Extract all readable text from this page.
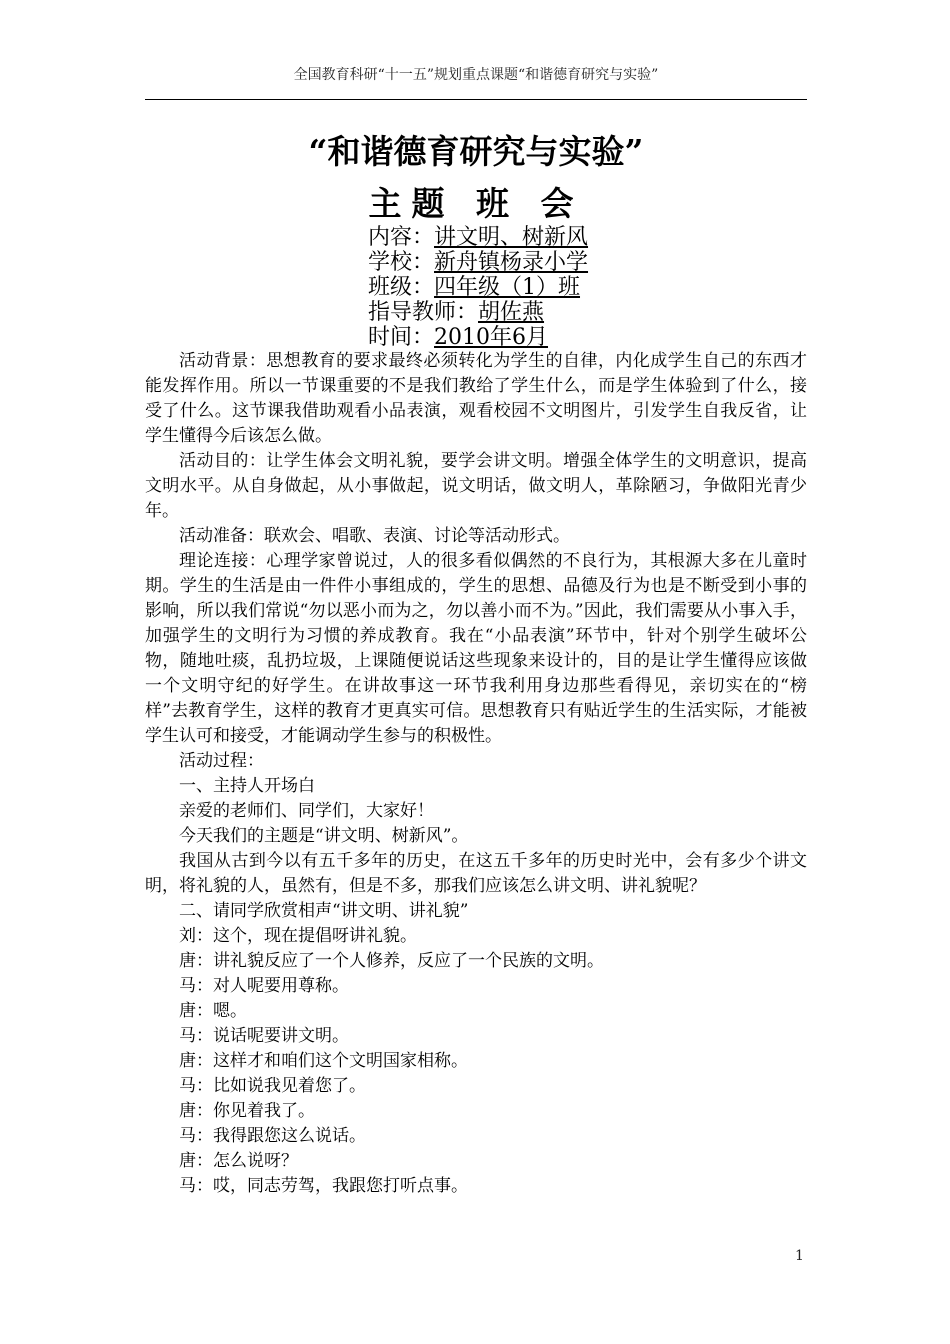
全国教育科研“十一五”规划重点课题“和谐德育研究与实验”
“和谐德育研究与实验”
主题 班 会
内容：讲文明、树新风
学校：新舟镇杨录小学
班级：四年级（1）班
指导教师：胡佐燕
时间：2010年6月

活动背景：思想教育的要求最终必须转化为学生的自律，内化成学生自己的东西才能发挥作用。所以一节课重要的不是我们教给了学生什么，而是学生体验到了什么，接受了什么。这节课我借助观看小品表演，观看校园不文明图片，引发学生自我反省，让学生懂得今后该怎么做。

活动目的：让学生体会文明礼貌，要学会讲文明。增强全体学生的文明意识，提高文明水平。从自身做起，从小事做起，说文明话，做文明人，革除陋习，争做阳光青少年。

活动准备：联欢会、唱歌、表演、讨论等活动形式。

理论连接：心理学家曾说过，人的很多看似偶然的不良行为，其根源大多在儿童时期。学生的生活是由一件件小事组成的，学生的思想、品德及行为也是不断受到小事的影响，所以我们常说“勿以恶小而为之，勿以善小而不为。”因此，我们需要从小事入手，加强学生的文明行为习惯的养成教育。我在“小品表演”环节中，针对个别学生破坏公物，随地吐痰，乱扔垃圾，上课随便说话这些现象来设计的，目的是让学生懂得应该做一个文明守纪的好学生。在讲故事这一环节我利用身边那些看得见，亲切实在的“榜样”去教育学生，这样的教育才更真实可信。思想教育只有贴近学生的生活实际，才能被学生认可和接受，才能调动学生参与的积极性。

活动过程：

一、主持人开场白

亲爱的老师们、同学们，大家好！

今天我们的主题是“讲文明、树新风”。

我国从古到今以有五千多年的历史，在这五千多年的历史时光中，会有多少个讲文明，将礼貌的人，虽然有，但是不多，那我们应该怎么讲文明、讲礼貌呢？

二、请同学欣赏相声“讲文明、讲礼貌”

刘：这个，现在提倡呀讲礼貌。

唐：讲礼貌反应了一个人修养，反应了一个民族的文明。

马：对人呢要用尊称。

唐：嗯。

马：说话呢要讲文明。

唐：这样才和咱们这个文明国家相称。

马：比如说我见着您了。

唐：你见着我了。

马：我得跟您这么说话。

唐：怎么说呀？

马：哎，同志劳驾，我跟您打听点事。

1
